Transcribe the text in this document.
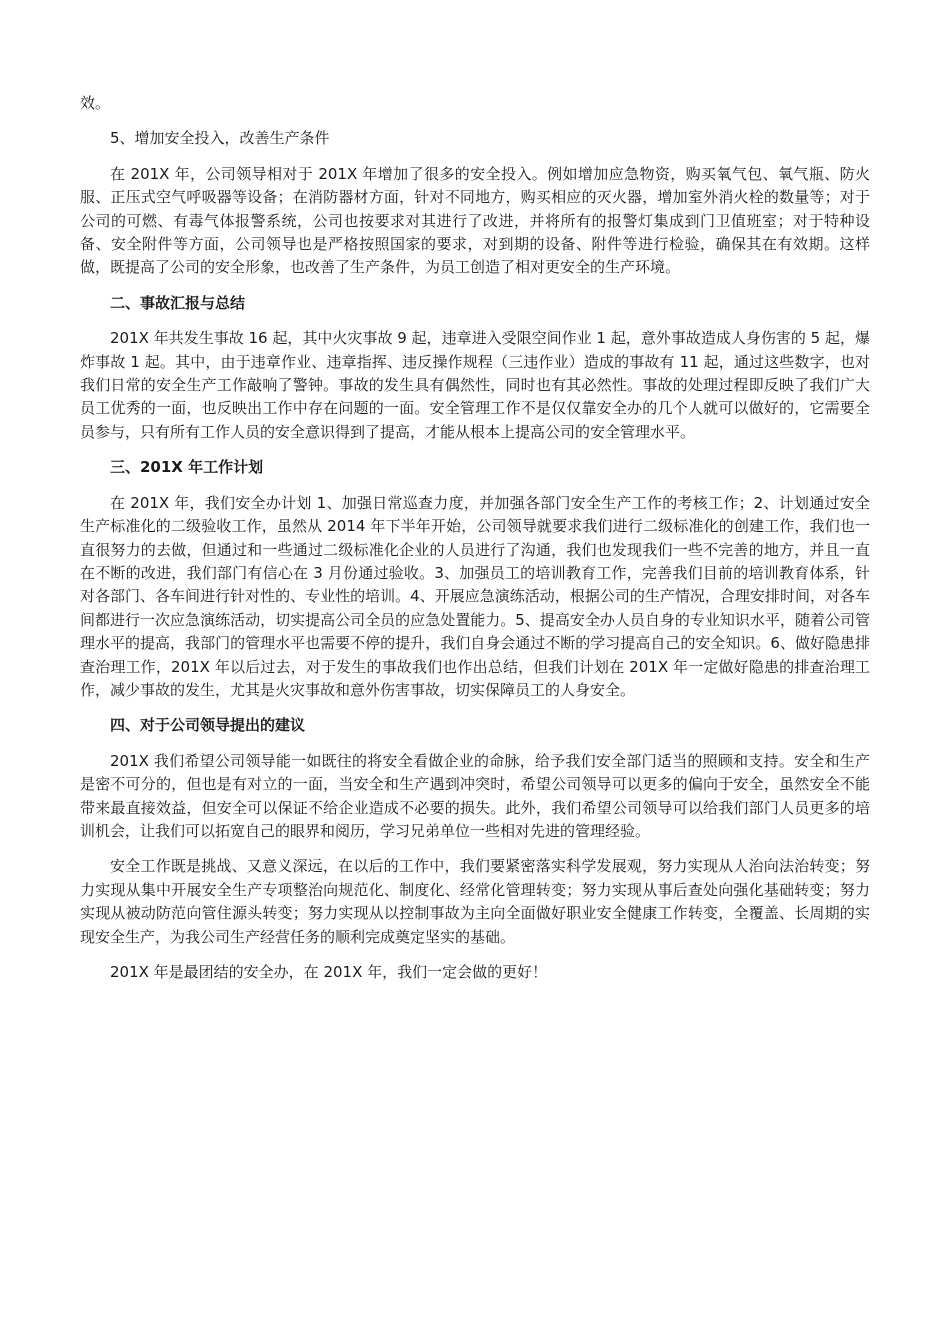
效。

5、增加安全投入，改善生产条件

在 201X 年，公司领导相对于 201X 年增加了很多的安全投入。例如增加应急物资，购买氧气包、氧气瓶、防火服、正压式空气呼吸器等设备；在消防器材方面，针对不同地方，购买相应的灭火器，增加室外消火栓的数量等；对于公司的可燃、有毒气体报警系统，公司也按要求对其进行了改进，并将所有的报警灯集成到门卫值班室；对于特种设备、安全附件等方面，公司领导也是严格按照国家的要求，对到期的设备、附件等进行检验，确保其在有效期。这样做，既提高了公司的安全形象，也改善了生产条件，为员工创造了相对更安全的生产环境。

二、事故汇报与总结

201X 年共发生事故 16 起，其中火灾事故 9 起，违章进入受限空间作业 1 起，意外事故造成人身伤害的 5 起，爆炸事故 1 起。其中，由于违章作业、违章指挥、违反操作规程（三违作业）造成的事故有 11 起，通过这些数字，也对我们日常的安全生产工作敲响了警钟。事故的发生具有偶然性，同时也有其必然性。事故的处理过程即反映了我们广大员工优秀的一面，也反映出工作中存在问题的一面。安全管理工作不是仅仅靠安全办的几个人就可以做好的，它需要全员参与，只有所有工作人员的安全意识得到了提高，才能从根本上提高公司的安全管理水平。

三、201X 年工作计划

在 201X 年，我们安全办计划 1、加强日常巡查力度，并加强各部门安全生产工作的考核工作；2、计划通过安全生产标准化的二级验收工作，虽然从 2014 年下半年开始，公司领导就要求我们进行二级标准化的创建工作，我们也一直很努力的去做，但通过和一些通过二级标准化企业的人员进行了沟通，我们也发现我们一些不完善的地方，并且一直在不断的改进，我们部门有信心在 3 月份通过验收。3、加强员工的培训教育工作，完善我们目前的培训教育体系，针对各部门、各车间进行针对性的、专业性的培训。4、开展应急演练活动，根据公司的生产情况，合理安排时间，对各车间都进行一次应急演练活动，切实提高公司全员的应急处置能力。5、提高安全办人员自身的专业知识水平，随着公司管理水平的提高，我部门的管理水平也需要不停的提升，我们自身会通过不断的学习提高自己的安全知识。6、做好隐患排查治理工作，201X 年以后过去，对于发生的事故我们也作出总结，但我们计划在 201X 年一定做好隐患的排查治理工作，减少事故的发生，尤其是火灾事故和意外伤害事故，切实保障员工的人身安全。

四、对于公司领导提出的建议

201X 我们希望公司领导能一如既往的将安全看做企业的命脉，给予我们安全部门适当的照顾和支持。安全和生产是密不可分的，但也是有对立的一面，当安全和生产遇到冲突时，希望公司领导可以更多的偏向于安全，虽然安全不能带来最直接效益，但安全可以保证不给企业造成不必要的损失。此外，我们希望公司领导可以给我们部门人员更多的培训机会，让我们可以拓宽自己的眼界和阅历，学习兄弟单位一些相对先进的管理经验。

安全工作既是挑战、又意义深远，在以后的工作中，我们要紧密落实科学发展观，努力实现从人治向法治转变；努力实现从集中开展安全生产专项整治向规范化、制度化、经常化管理转变；努力实现从事后查处向强化基础转变；努力实现从被动防范向管住源头转变；努力实现从以控制事故为主向全面做好职业安全健康工作转变，全覆盖、长周期的实现安全生产，为我公司生产经营任务的顺利完成奠定坚实的基础。

201X 年是最团结的安全办，在 201X 年，我们一定会做的更好！
